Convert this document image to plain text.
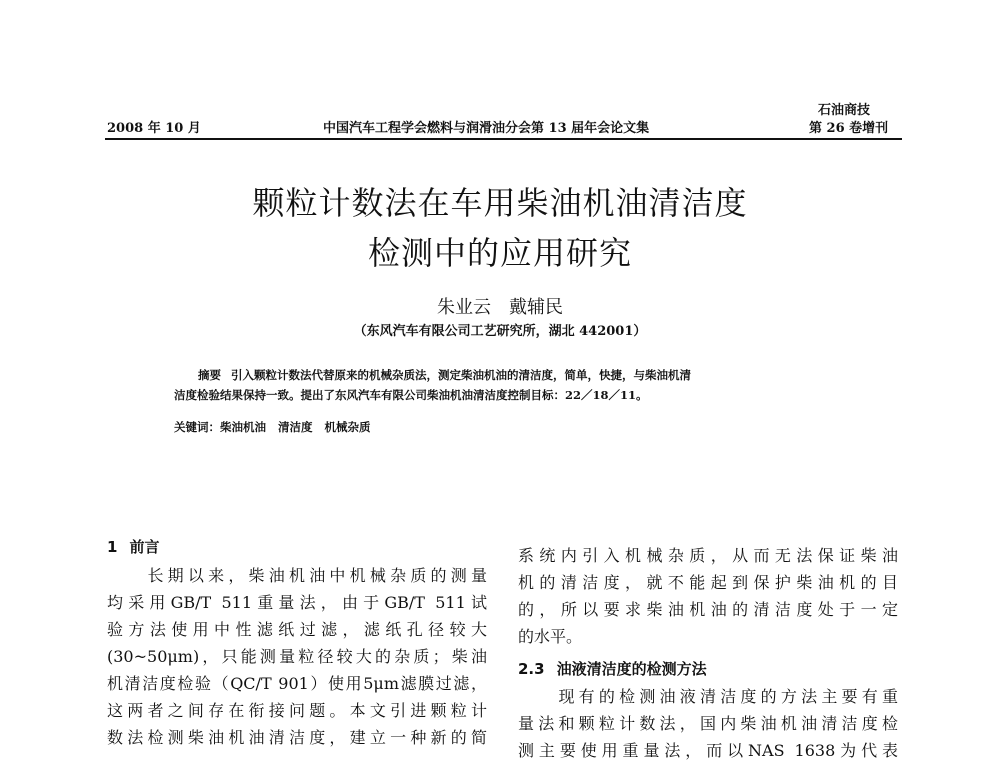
2008 年 10 月	中国汽车工程学会燃料与润滑油分会第 13 届年会论文集
石油商技
第 26 卷增刊
颗粒计数法在车用柴油机油清洁度
检测中的应用研究
朱业云 戴辅民
（东风汽车有限公司工艺研究所，湖北 442001）
摘要 引入颗粒计数法代替原来的机械杂质法，测定柴油机油的清洁度，简单，快捷，与柴油机清
洁度检验结果保持一致。提出了东风汽车有限公司柴油机油清洁度控制目标：22／18／11。
关键词：柴油机油 清洁度 机械杂质
1 前言
　　长期以来，柴油机油中机械杂质的测量
均采用GB/T 511重量法，由于GB/T 511试
验方法使用中性滤纸过滤，滤纸孔径较大
(30~50μm)，只能测量粒径较大的杂质；柴油
机清洁度检验（QC/T 901）使用5μm滤膜过滤，
这两者之间存在衔接问题。本文引进颗粒计
数法检测柴油机油清洁度，建立一种新的简
系统内引入机械杂质，从而无法保证柴油
机的清洁度，就不能起到保护柴油机的目
的，所以要求柴油机油的清洁度处于一定
的水平。
2.3 油液清洁度的检测方法
　　现有的检测油液清洁度的方法主要有重
量法和颗粒计数法，国内柴油机油清洁度检
测主要使用重量法，而以NAS 1638为代表
